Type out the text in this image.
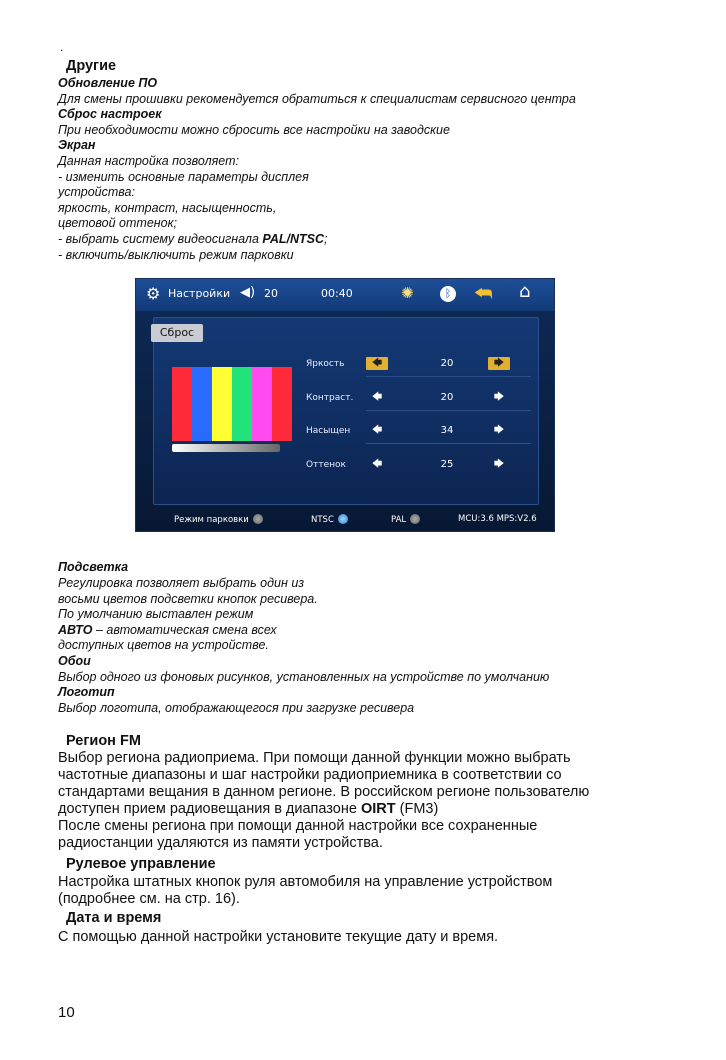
.
Другие
Обновление ПО
Для смены прошивки рекомендуется обратиться к специалистам сервисного центра
Сброс настроек
При необходимости можно сбросить все настройки на заводские
Экран
Данная настройка позволяет:
- изменить основные параметры дисплея
устройства:
яркость, контраст, насыщенность,
цветовой оттенок;
- выбрать систему видеосигнала PAL/NTSC;
- включить/выключить режим парковки
⚙ Настройки ◀) 20	00:40	✺	ᛒ ⮪ ⌂
Сброс
Яркость	🡄	20	🡆
Контраст.	🡄	20	🡆
Насыщен	🡄	34	🡆
Оттенок	🡄	25	🡆
Режим парковки	NTSC	PAL	MCU:3.6 MPS:V2.6
Подсветка
Регулировка позволяет выбрать один из
восьми цветов подсветки кнопок ресивера.
По умолчанию выставлен режим
АВТО – автоматическая смена всех
доступных цветов на устройстве.
Обои
Выбор одного из фоновых рисунков, установленных на устройстве по умолчанию
Логотип
Выбор логотипа, отображающегося при загрузке ресивера
Регион FM
Выбор региона радиоприема. При помощи данной функции можно выбрать
частотные диапазоны и шаг настройки радиоприемника в соответствии со
стандартами вещания в данном регионе. В российском регионе пользователю
доступен прием радиовещания в диапазоне OIRT (FM3)
После смены региона при помощи данной настройки все сохраненные
радиостанции удаляются из памяти устройства.
Рулевое управление
Настройка штатных кнопок руля автомобиля на управление устройством
(подробнее см. на стр. 16).
Дата и время
С помощью данной настройки установите текущие дату и время.
10
